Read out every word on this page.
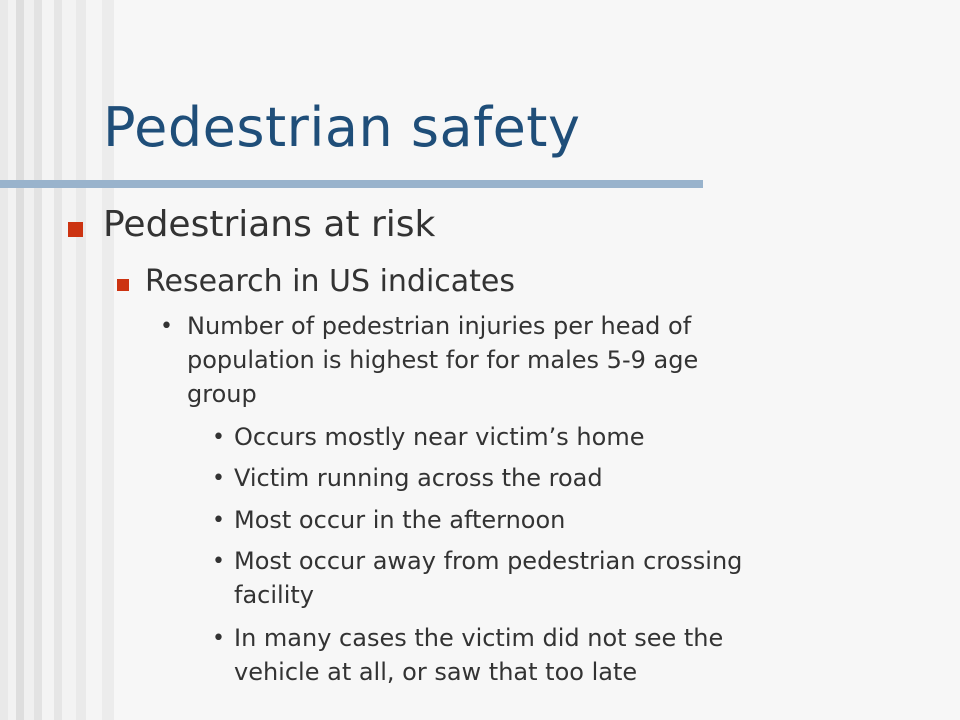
Pedestrian safety
Pedestrians at risk
Research in US indicates
• Number of pedestrian injuries per head of
population is highest for for males 5-9 age
group
• Occurs mostly near victim’s home
• Victim running across the road
• Most occur in the afternoon
• Most occur away from pedestrian crossing
facility
• In many cases the victim did not see the
vehicle at all, or saw that too late
